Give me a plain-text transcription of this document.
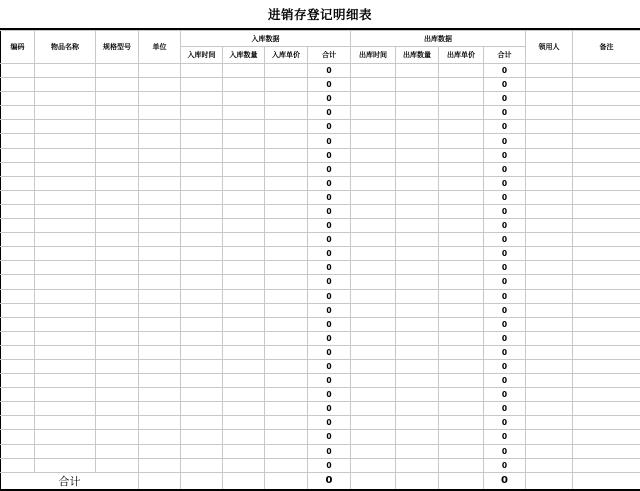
进销存登记明细表
编码	物品名称	规格型号	单位	入库数据				出库数据				领用人	备注
				入库时间	入库数量	入库单价	合计	出库时间	出库数量	出库单价	合计		
							0				0		
							0				0		
							0				0		
							0				0		
							0				0		
							0				0		
							0				0		
							0				0		
							0				0		
							0				0		
							0				0		
							0				0		
							0				0		
							0				0		
							0				0		
							0				0		
							0				0		
							0				0		
							0				0		
							0				0		
							0				0		
							0				0		
							0				0		
							0				0		
							0				0		
							0				0		
							0				0		
							0				0		
							0				0		
合计							0				0		
